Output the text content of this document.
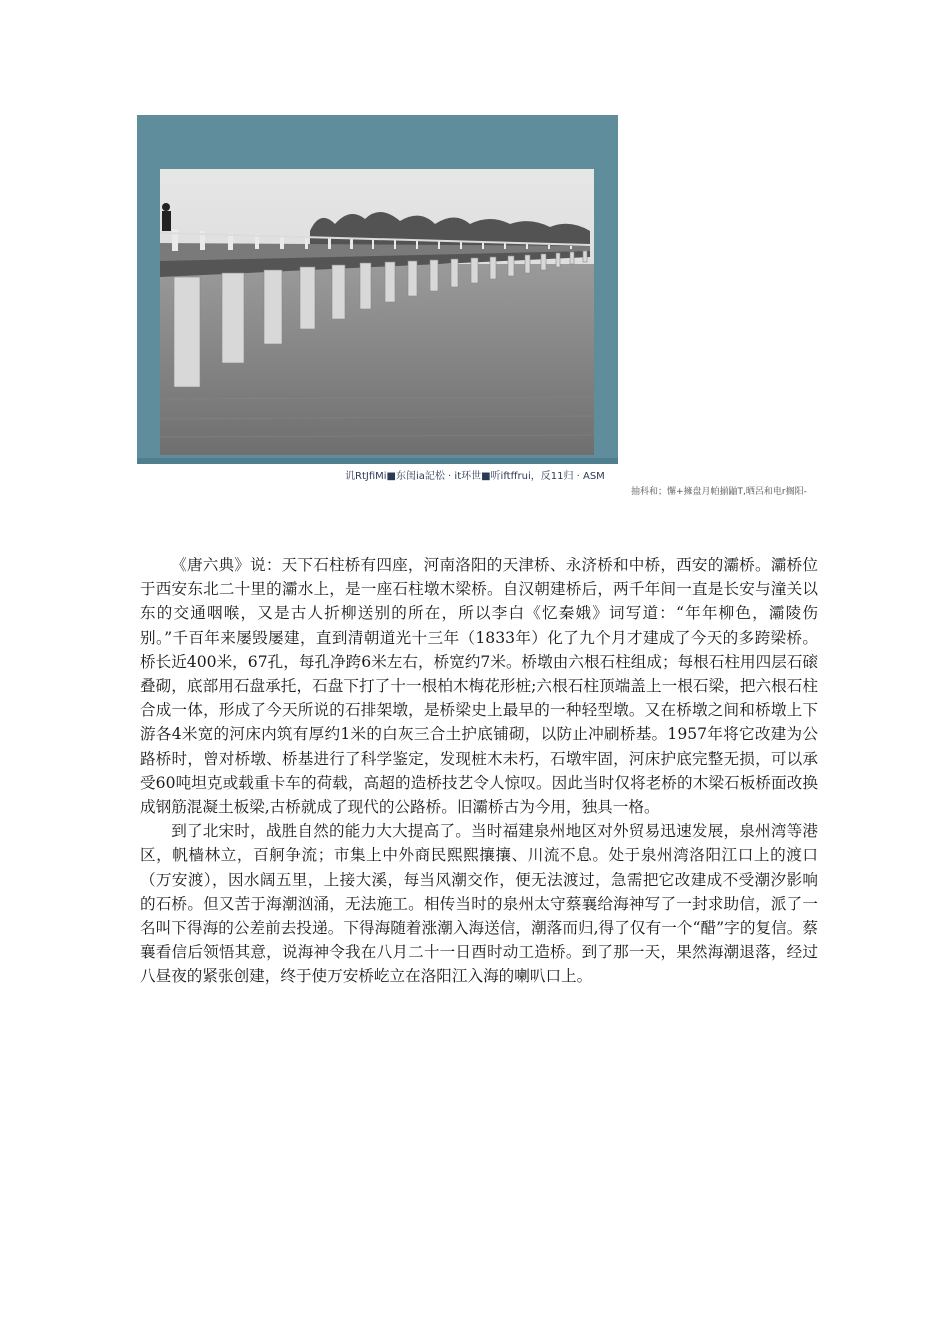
讥RtJfiMi■东闺ia記松 · it环世■听iftffrui，反11归 · ASM
抽科和；懈+擁盘月帕揃鼬T,晒呂和电r搁阳-

《唐六典》说：天下石柱桥有四座，河南洛阳的天津桥、永济桥和中桥，西安的灞桥。灞桥位于西安东北二十里的灞水上，是一座石柱墩木梁桥。自汉朝建桥后，两千年间一直是长安与潼关以东的交通咽喉，又是古人折柳送别的所在，所以李白《忆秦娥》词写道：“年年柳色，灞陵伤别。”千百年来屡毁屡建，直到清朝道光十三年（1833年）化了九个月才建成了今天的多跨梁桥。桥长近400米，67孔，每孔净跨6米左右，桥宽约7米。桥墩由六根石柱组成；每根石柱用四层石磙叠砌，底部用石盘承托，石盘下打了十一根柏木梅花形桩;六根石柱顶端盖上一根石梁，把六根石柱合成一体，形成了今天所说的石排架墩，是桥梁史上最早的一种轻型墩。又在桥墩之间和桥墩上下游各4米宽的河床内筑有厚约1米的白灰三合土护底铺砌，以防止冲刷桥基。1957年将它改建为公路桥时，曾对桥墩、桥基进行了科学鉴定，发现桩木未朽，石墩牢固，河床护底完整无损，可以承受60吨坦克或载重卡车的荷载，高超的造桥技艺令人惊叹。因此当时仅将老桥的木梁石板桥面改换成钢筋混凝土板梁,古桥就成了现代的公路桥。旧灞桥古为今用，独具一格。

到了北宋时，战胜自然的能力大大提高了。当时福建泉州地区对外贸易迅速发展，泉州湾等港区，帆樯林立，百舸争流；市集上中外商民熙熙攘攘、川流不息。处于泉州湾洛阳江口上的渡口（万安渡），因水阔五里，上接大溪，每当风潮交作，便无法渡过，急需把它改建成不受潮汐影响的石桥。但又苦于海潮汹涌，无法施工。相传当时的泉州太守蔡襄给海神写了一封求助信，派了一名叫下得海的公差前去投递。下得海随着涨潮入海送信，潮落而归,得了仅有一个“醋”字的复信。蔡襄看信后领悟其意，说海神令我在八月二十一日酉时动工造桥。到了那一天，果然海潮退落，经过八昼夜的紧张创建，终于使万安桥屹立在洛阳江入海的喇叭口上。
